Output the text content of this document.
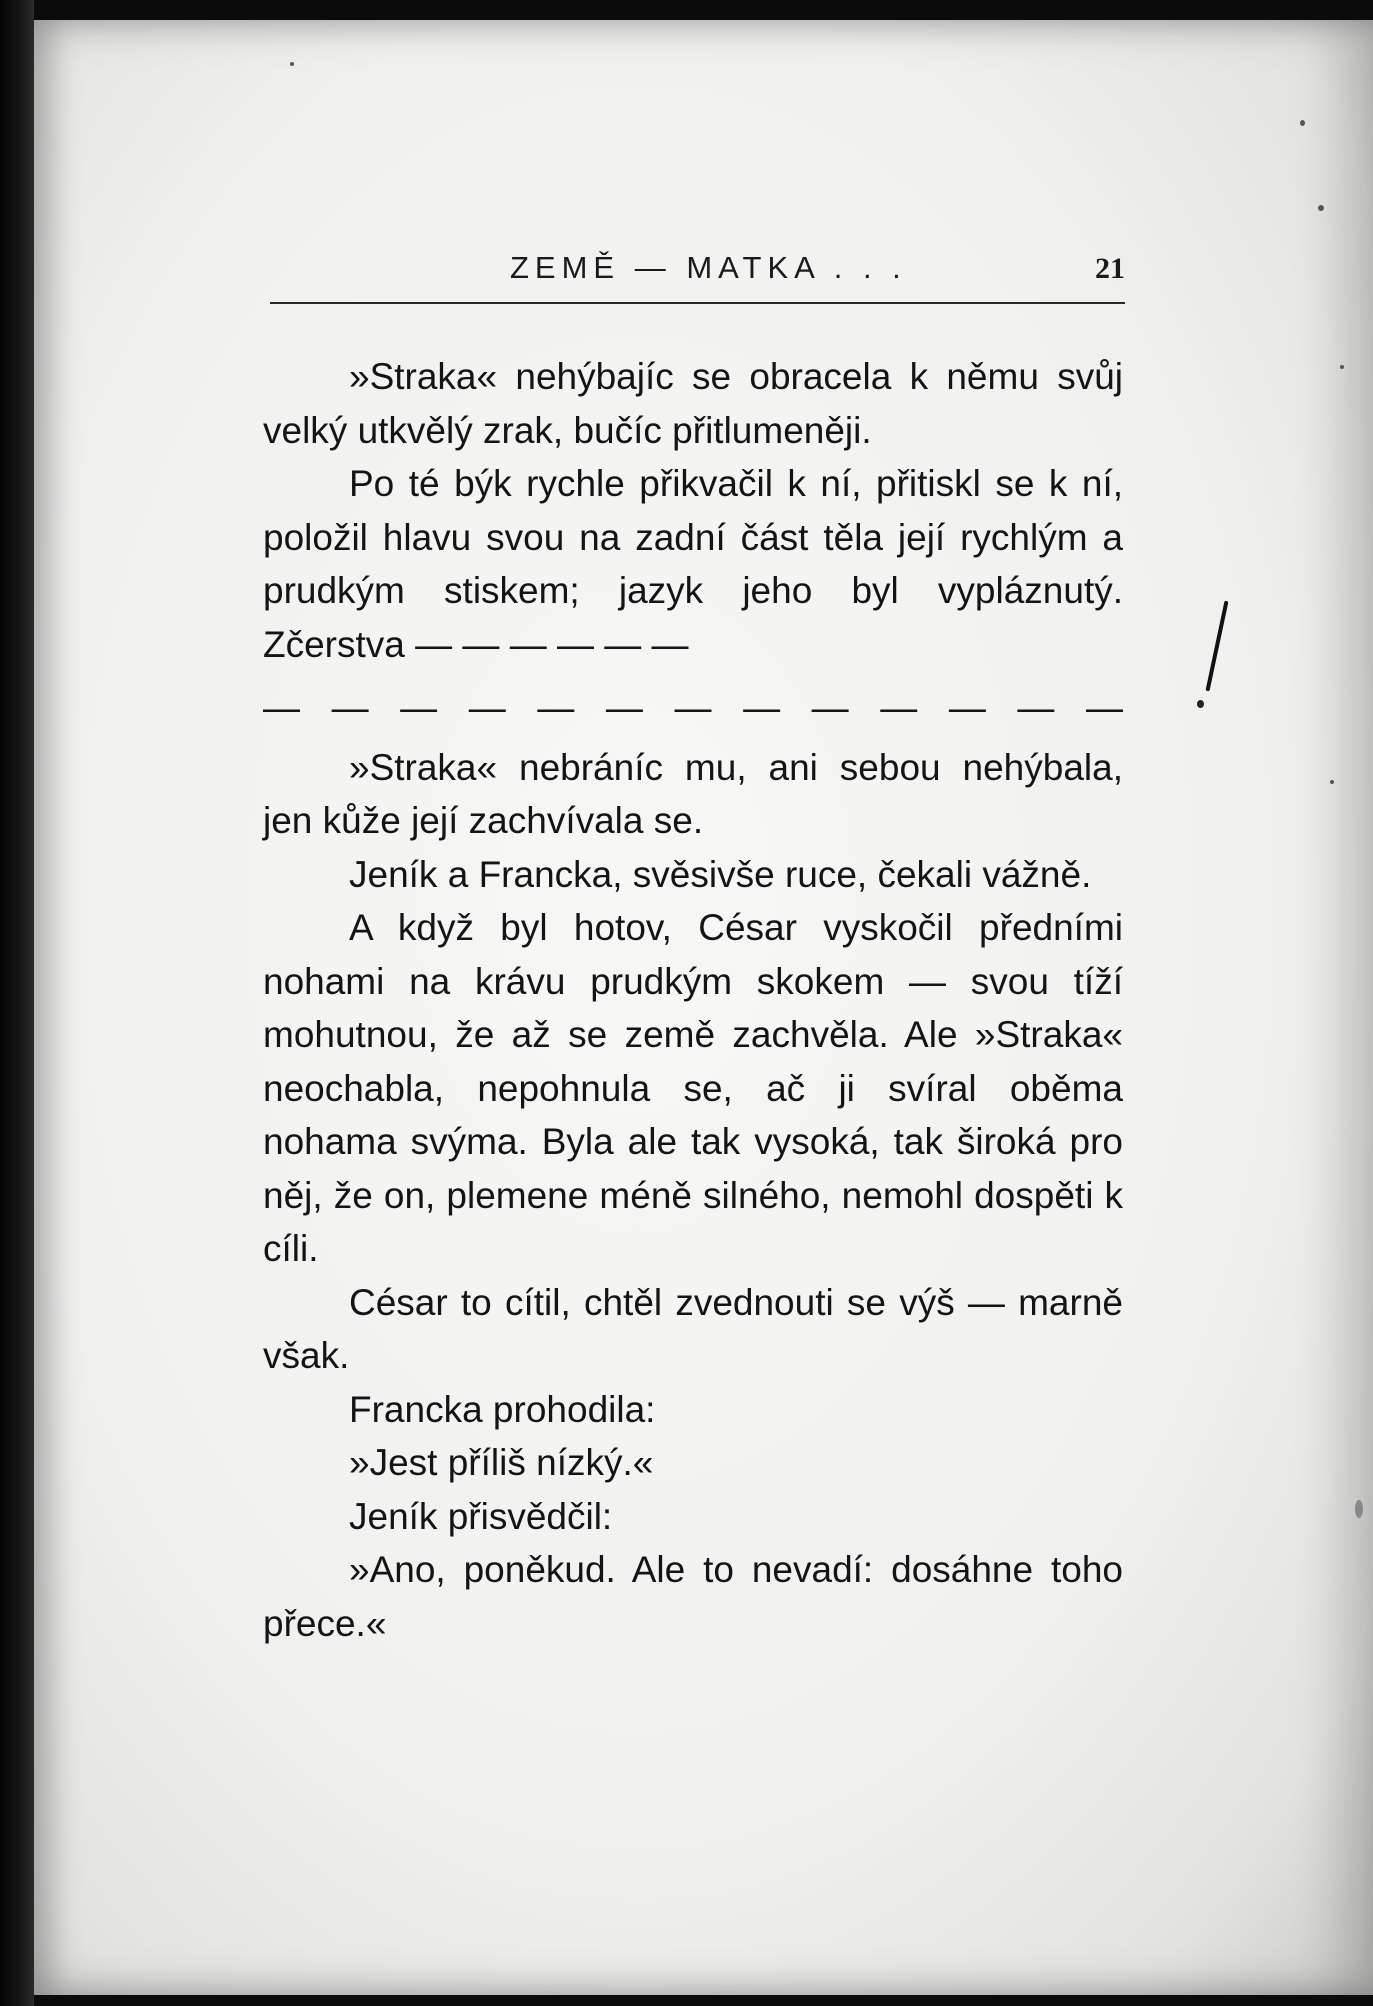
ZEMĚ — MATKA . . .	21

»Straka« nehýbajíc se obracela k němu svůj velký utkvělý zrak, bučíc přitlumeněji.

Po té býk rychle přikvačil k ní, přitiskl se k ní, položil hlavu svou na zadní část těla její rychlým a prudkým stiskem; jazyk jeho byl vypláznutý. Zčerstva — — — — — —

— — — — — — — — — — — — —

»Straka« nebráníc mu, ani sebou nehýbala, jen kůže její zachvívala se.

Jeník a Francka, svěsivše ruce, čekali vážně.

A když byl hotov, César vyskočil předními nohami na krávu prudkým skokem — svou tíží mohutnou, že až se země zachvěla. Ale »Straka« neochabla, nepohnula se, ač ji svíral oběma nohama svýma. Byla ale tak vysoká, tak široká pro něj, že on, plemene méně silného, nemohl dospěti k cíli.

César to cítil, chtěl zvednouti se výš — marně však.

Francka prohodila:

»Jest příliš nízký.«

Jeník přisvědčil:

»Ano, poněkud. Ale to nevadí: dosáhne toho přece.«
